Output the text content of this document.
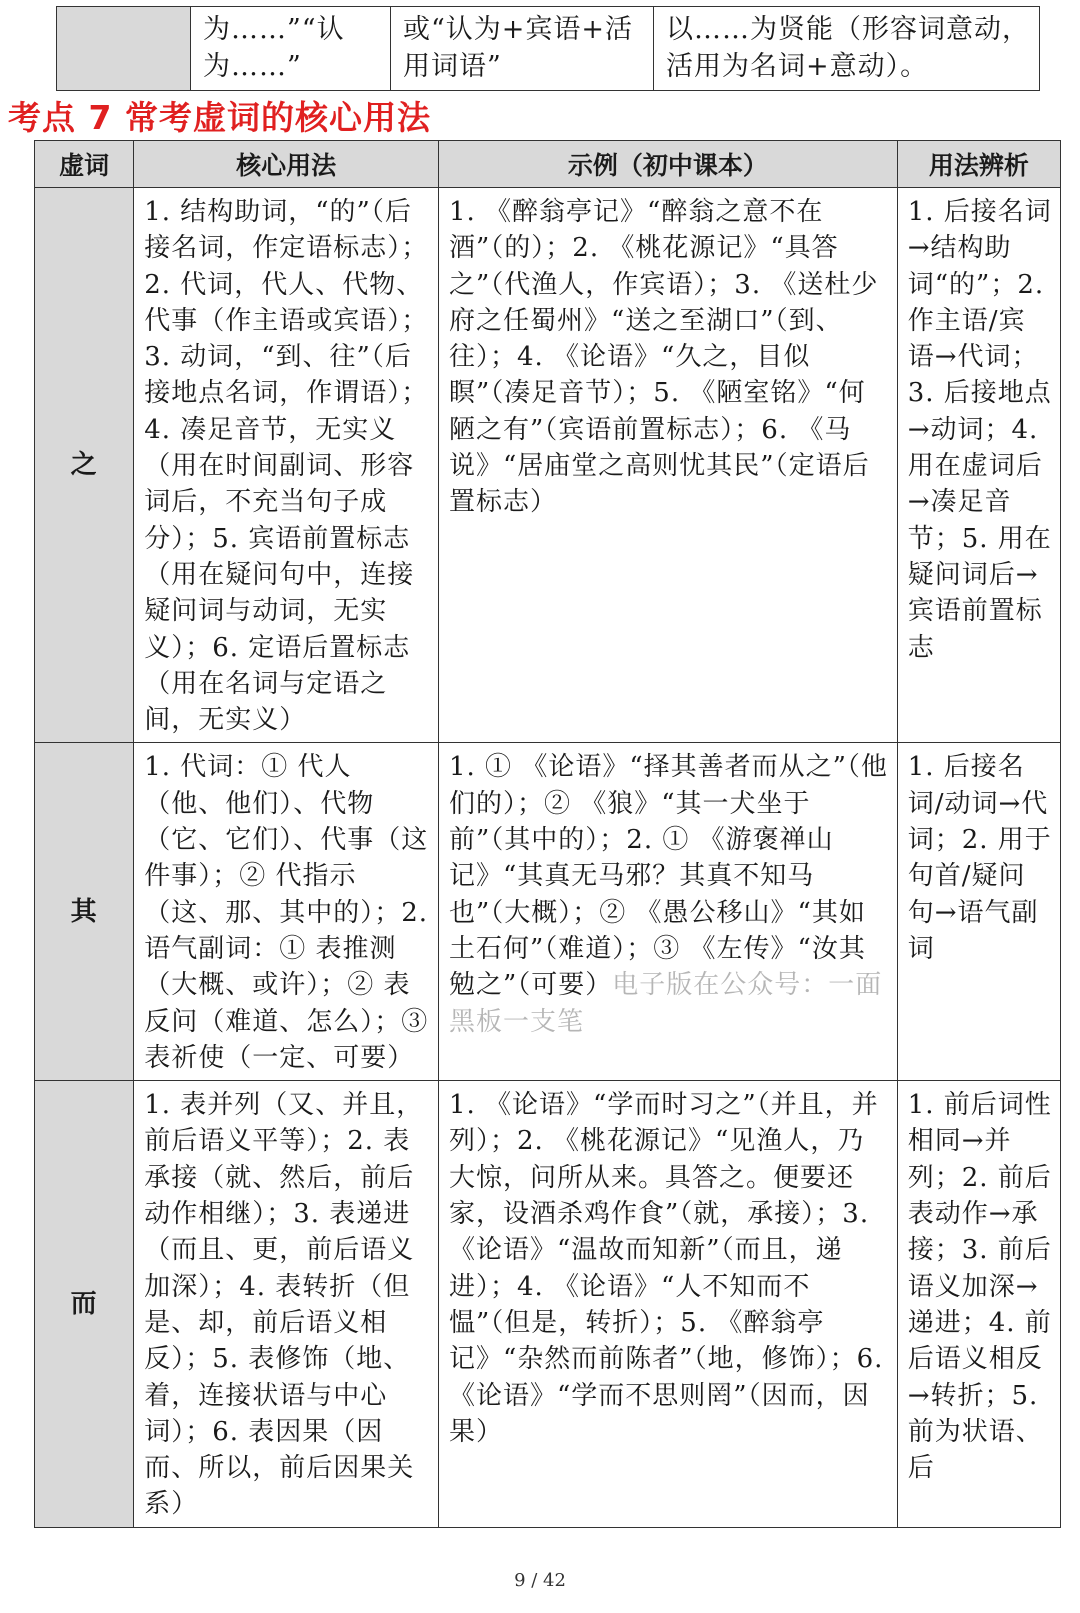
	为……”“认为……”	或“认为+宾语+活用词语”	以……为贤能（形容词意动，活用为名词+意动）。
考点 7 常考虚词的核心用法
虚词	核心用法	示例（初中课本）	用法辨析
之	1. 结构助词，“的”（后接名词，作定语标志）；2. 代词，代人、代物、代事（作主语或宾语）；3. 动词，“到、往”（后接地点名词，作谓语）；4. 凑足音节，无实义（用在时间副词、形容词后，不充当句子成分）；5. 宾语前置标志（用在疑问句中，连接疑问词与动词，无实义）；6. 定语后置标志（用在名词与定语之间，无实义）	1. 《醉翁亭记》“醉翁之意不在酒”（的）；2. 《桃花源记》“具答之”（代渔人，作宾语）；3. 《送杜少府之任蜀州》“送之至湖口”（到、往）；4. 《论语》“久之，目似瞑”（凑足音节）；5. 《陋室铭》“何陋之有”（宾语前置标志）；6. 《马说》“居庙堂之高则忧其民”（定语后置标志）	1. 后接名词→结构助词“的”；2. 作主语/宾语→代词；3. 后接地点→动词；4. 用在虚词后→凑足音节；5. 用在疑问词后→宾语前置标志
其	1. 代词：① 代人（他、他们）、代物（它、它们）、代事（这件事）；② 代指示（这、那、其中的）；2. 语气副词：① 表推测（大概、或许）；② 表反问（难道、怎么）；③ 表祈使（一定、可要）	1. ① 《论语》“择其善者而从之”（他们的）；② 《狼》“其一犬坐于前”（其中的）；2. ① 《游褒禅山记》“其真无马邪？其真不知马也”（大概）；② 《愚公移山》“其如土石何”（难道）；③ 《左传》“汝其勉之”（可要）电子版在公众号：一面黑板一支笔	1. 后接名词/动词→代词；2. 用于句首/疑问句→语气副词
而	1. 表并列（又、并且，前后语义平等）；2. 表承接（就、然后，前后动作相继）；3. 表递进（而且、更，前后语义加深）；4. 表转折（但是、却，前后语义相反）；5. 表修饰（地、着，连接状语与中心词）；6. 表因果（因而、所以，前后因果关系）	1. 《论语》“学而时习之”（并且，并列）；2. 《桃花源记》“见渔人，乃大惊，问所从来。具答之。便要还家，设酒杀鸡作食”（就，承接）；3. 《论语》“温故而知新”（而且，递进）；4. 《论语》“人不知而不愠”（但是，转折）；5. 《醉翁亭记》“杂然而前陈者”（地，修饰）；6. 《论语》“学而不思则罔”（因而，因果）	1. 前后词性相同→并列；2. 前后表动作→承接；3. 前后语义加深→递进；4. 前后语义相反→转折；5. 前为状语、后
9 / 42
